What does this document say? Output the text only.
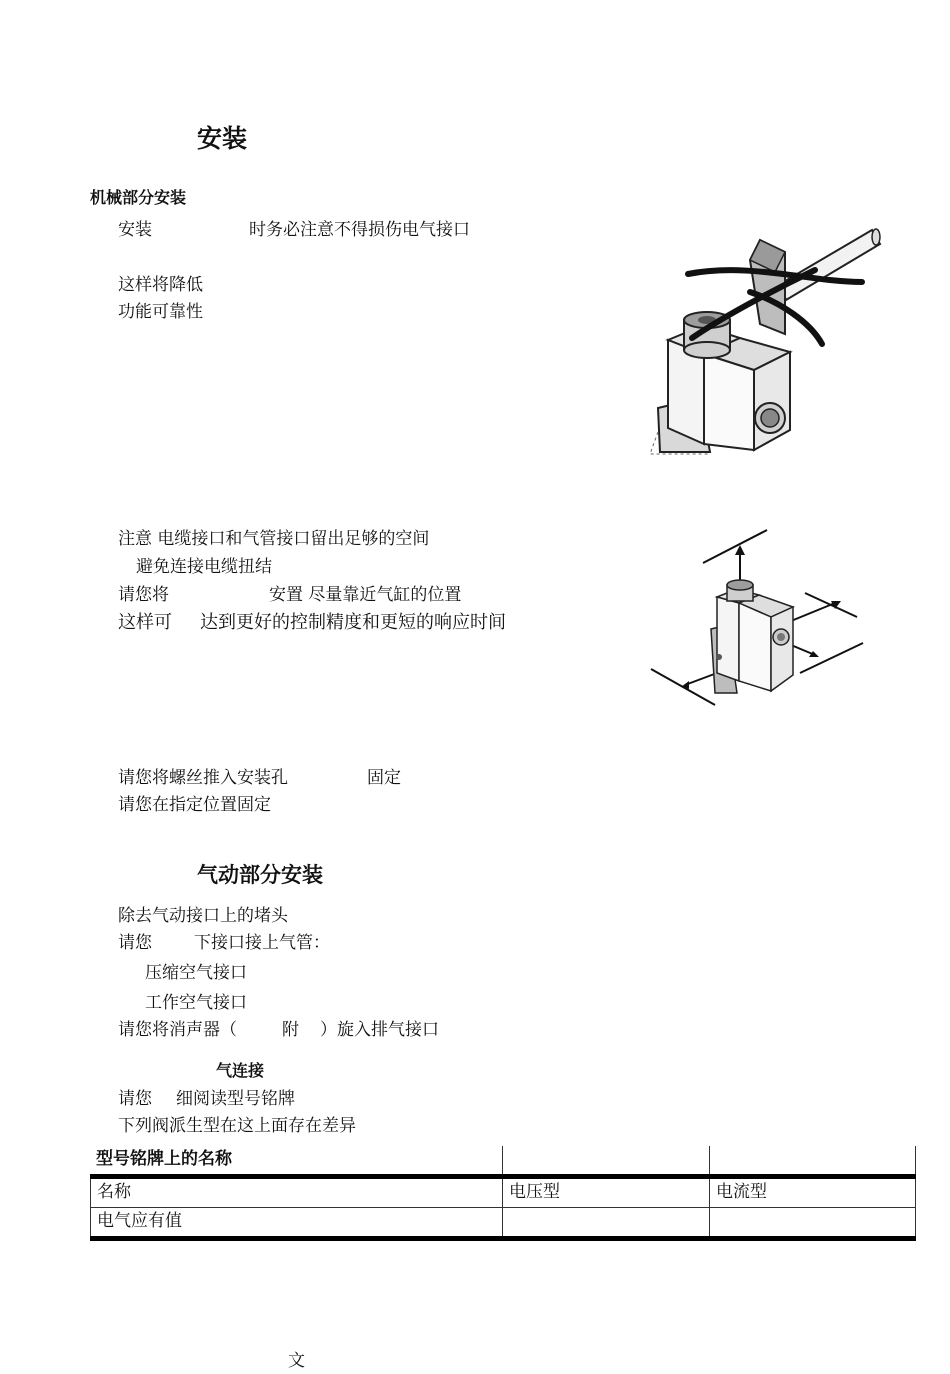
安装
机械部分安装
安装	时务必注意不得损伤电气接口
这样将降低
功能可靠性
注意 电缆接口和气管接口留出足够的空间
避免连接电缆扭结
请您将	安置 尽量靠近气缸的位置
这样可 达到更好的控制精度和更短的响应时间
请您将螺丝推入安装孔	固定
请您在指定位置固定
气动部分安装
除去气动接口上的堵头
请您 下接口接上气管：
压缩空气接口
工作空气接口
请您将消声器（	附 ）旋入排气接口
气连接
请您 细阅读型号铭牌
下列阀派生型在这上面存在差异
型号铭牌上的名称
名称	电压型	电流型
电气应有值
文
